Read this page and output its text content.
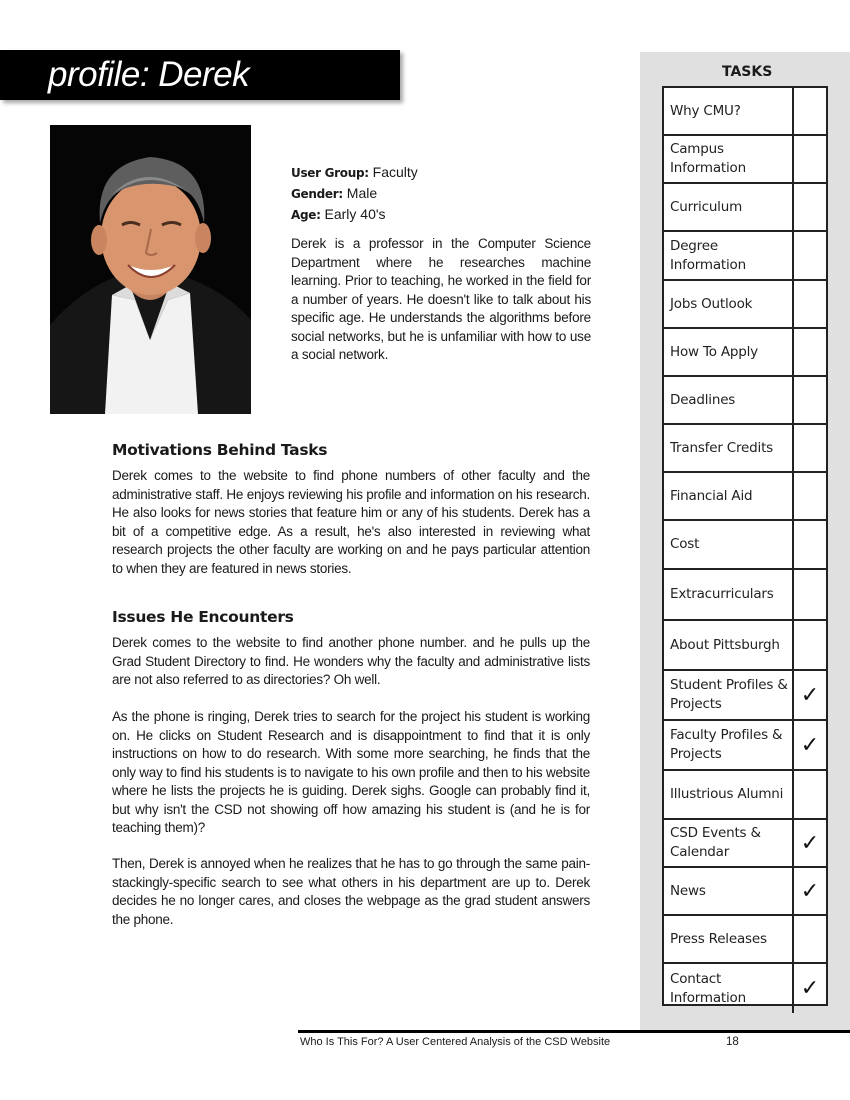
profile: Derek
User Group: Faculty
Gender: Male
Age: Early 40's
Derek is a professor in the Computer Science Department where he researches machine learning. Prior to teaching, he worked in the field for a number of years. He doesn't like to talk about his specific age. He understands the algorithms before social networks, but he is unfamiliar with how to use a social network.
Motivations Behind Tasks
Derek comes to the website to find phone numbers of other faculty and the administrative staff. He enjoys reviewing his profile and information on his research. He also looks for news stories that feature him or any of his students. Derek has a bit of a competitive edge. As a result, he's also interested in reviewing what research projects the other faculty are working on and he pays particular attention to when they are featured in news stories.
Issues He Encounters
Derek comes to the website to find another phone number. and he pulls up the Grad Student Directory to find. He wonders why the faculty and administrative lists are not also referred to as directories? Oh well.
As the phone is ringing, Derek tries to search for the project his student is working on. He clicks on Student Research and is disappointment to find that it is only instructions on how to do research. With some more searching, he finds that the only way to find his students is to navigate to his own profile and then to his website where he lists the projects he is guiding. Derek sighs. Google can probably find it, but why isn't the CSD not showing off how amazing his student is (and he is for teaching them)?
Then, Derek is annoyed when he realizes that he has to go through the same pain-stackingly-specific search to see what others in his department are up to. Derek decides he no longer cares, and closes the webpage as the grad student answers the phone.
TASKS
Why CMU?
Campus Information
Curriculum
Degree Information
Jobs Outlook
How To Apply
Deadlines
Transfer Credits
Financial Aid
Cost
Extracurriculars
About Pittsburgh
Student Profiles & Projects	✓
Faculty Profiles & Projects	✓
Illustrious Alumni
CSD Events & Calendar	✓
News	✓
Press Releases
Contact Information	✓
Who Is This For? A User Centered Analysis of the CSD Website	18
